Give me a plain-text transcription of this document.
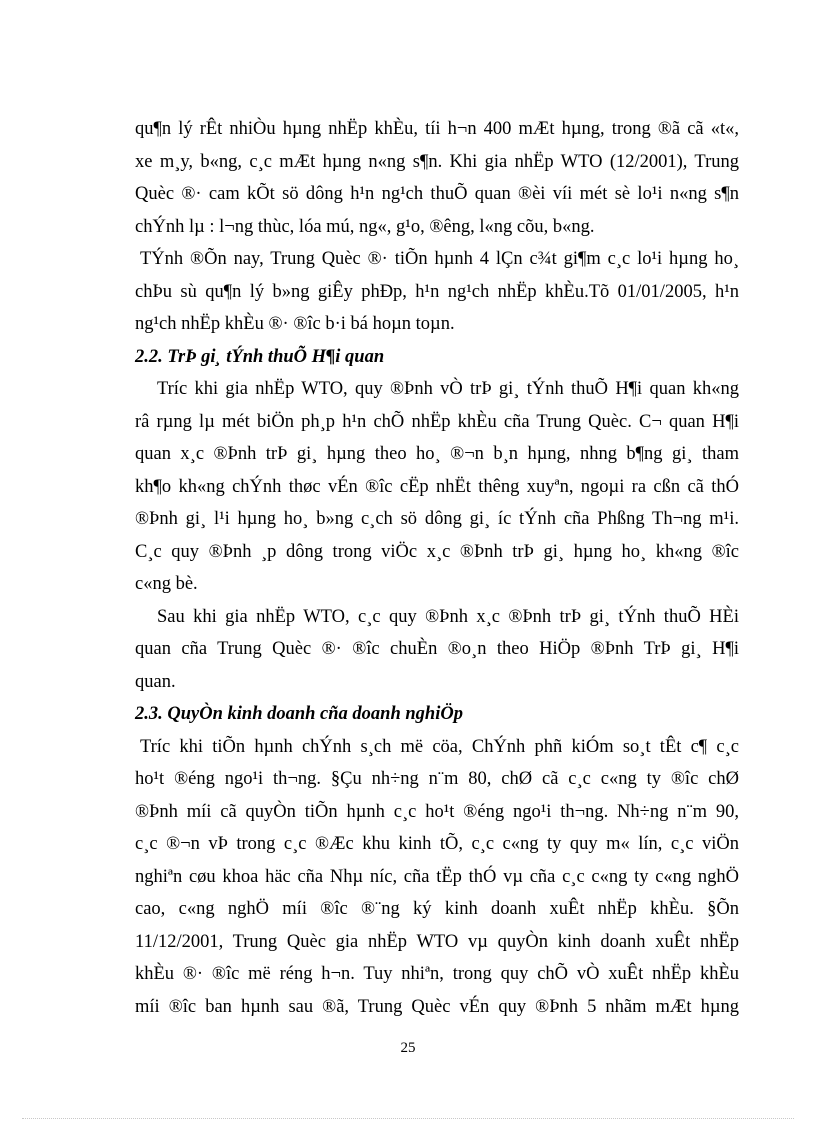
qu¶n lý rÊt nhiÒu hµng nhËp khÈu, tíi h¬n 400 mÆt hµng, trong ®ã cã «t«,
xe m¸y, b«ng, c¸c mÆt hµng n«ng s¶n. Khi gia nhËp WTO (12/2001), Trung
Quèc ®· cam kÕt sö dông h¹n ng¹ch thuÕ quan ®èi víi mét sè lo¹i n«ng s¶n
chÝnh lµ : l¬ng thùc, lóa mú, ng«, g¹o, ®êng, l«ng cõu, b«ng.
TÝnh ®Õn nay, Trung Quèc ®· tiÕn hµnh 4 lÇn c¾t gi¶m c¸c lo¹i hµng ho¸
chÞu sù qu¶n lý b»ng giÊy phÐp, h¹n ng¹ch nhËp khÈu.Tõ 01/01/2005, h¹n
ng¹ch nhËp khÈu ®· ®îc b·i bá hoµn toµn.
2.2. TrÞ gi¸ tÝnh thuÕ H¶i quan
Tríc khi gia nhËp WTO, quy ®Þnh vÒ trÞ gi¸ tÝnh thuÕ H¶i quan kh«ng
râ rµng lµ mét biÖn ph¸p h¹n chÕ nhËp khÈu cña Trung Quèc. C¬ quan H¶i
quan x¸c ®Þnh trÞ gi¸ hµng theo ho¸ ®¬n b¸n hµng, nhng b¶ng gi¸ tham
kh¶o kh«ng chÝnh thøc vÉn ®îc cËp nhËt thêng xuyªn, ngoµi ra cßn cã thÓ
®Þnh gi¸ l¹i hµng ho¸ b»ng c¸ch sö dông gi¸ íc tÝnh cña Phßng Th¬ng m¹i.
C¸c quy ®Þnh ¸p dông trong viÖc x¸c ®Þnh trÞ gi¸ hµng ho¸ kh«ng ®îc
c«ng bè.
Sau khi gia nhËp WTO, c¸c quy ®Þnh x¸c ®Þnh trÞ gi¸ tÝnh thuÕ HÈi
quan cña Trung Quèc ®· ®îc chuÈn ®o¸n theo HiÖp ®Þnh TrÞ gi¸ H¶i
quan.
2.3. QuyÒn kinh doanh cña doanh nghiÖp
Tríc khi tiÕn hµnh chÝnh s¸ch më cöa, ChÝnh phñ kiÓm so¸t tÊt c¶ c¸c
ho¹t ®éng ngo¹i th¬ng. §Çu nh÷ng n¨m 80, chØ cã c¸c c«ng ty ®îc chØ
®Þnh míi cã quyÒn tiÕn hµnh c¸c ho¹t ®éng ngo¹i th¬ng. Nh÷ng n¨m 90,
c¸c ®¬n vÞ trong c¸c ®Æc khu kinh tÕ, c¸c c«ng ty quy m« lín, c¸c viÖn
nghiªn cøu khoa häc cña Nhµ níc, cña tËp thÓ vµ cña c¸c c«ng ty c«ng nghÖ
cao, c«ng nghÖ míi ®îc ®¨ng ký kinh doanh xuÊt nhËp khÈu. §Õn
11/12/2001, Trung Quèc gia nhËp WTO vµ quyÒn kinh doanh xuÊt nhËp
khÈu ®· ®îc më réng h¬n. Tuy nhiªn, trong quy chÕ vÒ xuÊt nhËp khÈu
míi ®îc ban hµnh sau ®ã, Trung Quèc vÉn quy ®Þnh 5 nhãm mÆt hµng
25
